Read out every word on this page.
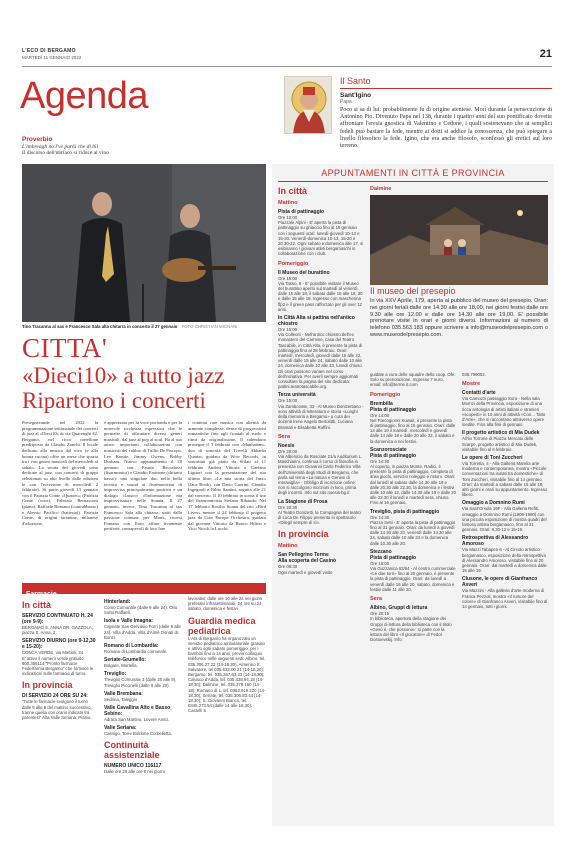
L'ECO DI BERGAMO
MARTEDÌ 11 GENNAIO 2022	21
Agenda
Proverbio
L'imbreagh no l'vè parlà che dl bìl
Il discorso dell'ubriaco si riduce al vino
Il Santo
Sant'Igino
Papa
Poco si sa di lui: probabilmente fu di origine ateniese. Morì durante la persecuzione di Antonino Pio. Divenuto Papa nel 138, durante i quattro anni del suo pontificato dovette affrontare l'eresia gnostica di Valentino e Cedone, i quali sostenevano che ai semplici fedeli può bastare la fede, mentre ai dotti si addice la conoscenza, che può spiegare a livello filosofico la fede. Igino, che era anche filosofo, sconfessò gli eretici sul loro terreno.
Tino Tracanna al sax e Francesco Sala alla chitarra in concerto il 27 gennaio FOTO CHRISTIAN MIGNANI
CITTA'
«Dieci10» a tutto jazz
Ripartono i concerti
Presegnavande nel 2022 la programmazione settimanale dei concerti di jazz al «Dieci10» di via Quarenghi 42, Bergamo, nel ricco cartellone predisposto da Claudio Zanchi. Il locale dedicato alla musica dal vivo (e alla buona cucina) offre un mese che spazia tra i vari generi musicali del mercoledì al sabato. La serata del giovedì sono dedicate al jazz, con concerti di gruppi selezionati su alto livello dalle edizioni le con l'eccezione di mercoledì 2 febbraio). Si parte giovedì 13 gennaio con il Patrizia Conte «Quartet», (Patrizia Conte (voce), Fabrizio Bernasconi (piano), Raffaele Romano (contrabbasso) e Alessio Pacifico (batteria)). Patrizia Conte, di origini tarantine, milanese d'adozione,
è apprezzata per la voce profonda e per la notevole ricchezza espressiva che le permette di affrontare diversi generi musicali, dal jazz al pop al soul. Ha al suo attivo importanti collaborazioni con musicisti del calibro di Tullio De Piscopo, Lee Konitz, Jimmy Owens, Bobby Durham. Nuovo appuntamento il 20 gennaio con Fausto Beccalossi (fisarmonica) e Claudio Farinone (chitarra basso): uno singolare duo nella bella tecnica e sound ai fisarmonicisti di improvvisa principalmente positiva e un dialogo classico d'informazione ma improvvisatore nelle Sonata. Il 27 gennaio, invece, Tino Tracanna al sax Francesco Sala alla chitarra, uniti dalla passione comune per Monk, ricorsi Fontana con Euro affine tivamente periferie, consapevoli di loro fare
i continui rare musica con alterità da armonie complesse, dense di progressioni romantiche fino agli frontali al ruolo e ritmi da originalissime. Il calendario prosegue il 3 febbraio con «Manhattan», duo di sonorità del Trivelli Abbadia Quartet, guidato da Wow Records, in sonoritati già piatti da Sfilati al 11 febbraio Andrea Vittoria e Gaetano Liguori con la presentazione del suo ultimo libro «La mia storia del Jazz» (Jaca Book), con Dario Guerini, Claudio Ingegnoli e Fabio Santini, seguita alle 21 dal concerto. Il 10 febbraio in scena il trio del fisarmonicista Stefano Ribaudo. Nel 17 febbraio Rosilio Soana del trio «Bird Lives» mentre il 24 febbraio il progetto jazz da Ciao Europe Orchestra, guidato dal giovane Vittorio da Ronco Hilton e Vico Nicoli la Lucchi.
Farmacie
In città
SERVIZIO CONTINUATO H. 24 (ore 9-9):
BERGAMO S. ANNA DR. GAZZOLA, piazza S. Anna, 2.
SERVIZIO DIURNO (ore 9-12,30 e 15-20):
CONCA VERDE, via Mattioli, 24.
E' attivo il numero verde gratuito 800.356114 "Pronto farmacie Federfarma Bergamo" che fornisce le indicazioni sulle farmacie di turno.
In provincia
DI SERVIZIO 24 ORE SU 24:
"Tutte le farmacie svolgono il turno dalle 9 alle 9 del mattino successivo, tranne quella con orario indicato tra parentesi" Alta Valle Seriana: Pianio.
Hinterland:
Como Comunale (dalle 9 alle 24). Orio Sotto Raffaeli.
Isola e Valle Imagna:
Capriate San Gervasio Porri (dalle 9 alle 24). Villa d'Adda. Villa d'Almè Donati dr. Bonzi.
Romano di Lombardia:
Romano di Lombardia comunale.
Seriate-Grumello:
Bolgare, Mortella.
Treviglio:
Treviglio Comunale 3 (dalle 20 alle 9), Treviglio Piccinelli (dalle 9 alle 20).
Valle Brembana:
Sedrina, Taleggio
Valle Cavallina Alto e Basso Sebino:
Adrara San Martino, Lovere Amici.
Valle Seriana:
Casnigo, Torre Boldone Corbelletta.
Continuità assistenziale
NUMERO UNICO 116117
Dalle ore 20 alle ore 8 nei giorni
lavorativi; dalle ore 10 alle 24 nei giorni prefestivi infrasettimanali, 24 ore su 24 sabato, domenica e festivi.
Guardia medica pediatrica
L'Ats di Bergamo ha organizzato un servizio pediatrico ambulatoriale gratuito e attivo ogni sabato pomeriggio, per i bambini fino a 14 anni, previo colloquio telefonico nelle seguenti sedi: Albino, tel. 035.306.27.22 (14-18,30), Almenno S. Salvatore, tel 035.632.00.21 (14-18,30); Bergamo, tel. 035.267.63.23 (14-18,30); Calusco d'Adda, tel. 035.438.94.18 (14-18,30); Dalmine, tel. 035.378.150 (14-18); Romano di L. tel. 0363.919.220 (14-18,30); Seriate, tel. 035.306.83.44 (14-18,30); S. Giovanni Bianco, tel. 0345.273.54 (dalle 14 alle 18,30). Castelli S
APPUNTAMENTI IN CITTÀ E PROVINCIA
In città
Mattino
Pista di pattinaggio
Ore 10:00
Piazzale Alpini - E' aperta la pista di pattinaggio su ghiaccio fino al 15 gennaio con i seguenti orari: lunedì-giovedì 10-13 e 15-20. Venerdì-domenica 10-13, 15-20 e 20.30-22. Ogni sabato e domenica alle 17, si esibiranno i giovani atleti bergamaschi in collaborazione con i club.
Pomeriggio
Il Museo del burattino
Ore 15:00
Via Tasso, 8 - E' possibile visitare il Museo del burattino aperto sul martedì al venerdì dalle 15 alle 18, il sabato dalle 15 alle 18, 30 e dalle 15 alle 18. Ingresso con mascherina ffp2 e il green pass rafforzato per gli over 12 anni.
In Città Alta si pattina nell'antico chiostro
Ore 15:00
Via Colleoni - Nell'antico chiostro dell'ex monastero del Carmine, casa del Teatro Tascabile, in Città Alta, è presente la pista di pattinaggio fino al 28 febbraio. Orari: martedì, mercoledì, giovedì dalle 15 alle 22, venerdì dalle 15 alle 24, sabato dalle 10 alle 24, domenica dalle 10 alle 23, lunedì chiuso. Gli orari possono variare nel corso dell'iniziativa. Per averli sempre aggiornati consultare la pagina del sito dedicata: pattini.teatrotascabile.org.
Terza università
Ore 15:00
Via Zambonate, 33 - Al Museo Donizettiano - sono attività di letteratura e storia «Luoghi della memoria a Bergamo» a cura dei docenti Irene Angelo Bertolotti, Luciana Bramati e Elisabetta Ruffini.
Sera
Noesis
Ore 20:00
Via Albenicio da Rosciate 21/a Auditorium L. Maschiarini, continua il corso di filosofia in presenza con Giovanni Carlo Federico Villa dell'Università degli Studi di Bergamo, che parla sul tema «La natura e Genesi di meraviglia» - Obbligo di iscrizione online: non si raccolgono iscrizioni in loco, prima degli incontri. Info sul sito noesis-bg.it
La Stagione di Prosa
Ore 20:30
Al Teatro Donizetti, la Compagnia del teatro di Luca De Filippo presenta lo spettacolo «Dilegil sempre di sì».
In provincia
Mattino
San Pellegrino Terme
Alla scoperta del Casinò
Ore 09:30
Ogni martedì e giovedì visite
Dalmine
Il museo del presepio
In via XXV Aprile, 179, aperta al pubblico del museo del presepio. Orari: nei giorni feriali dalle ore 14.30 alle ore 18,00, nei giorni festivi dalle ore 9.30 alle ore 12.00 e dalle ore 14.30 alle ore 19,00. E' possibile prenotare visite in orari e giorni diversi. Informazioni al numero di telefono 035.563.183 oppure scrivere a info@museodelpresepio.com o www.museodelpresepio.com.
guidate a cura delle squadre della coop. Ofe: Solo su prenotazione. Ingresso 7 euro, email: info@terme.it.com
Pomeriggio
Brembilla
Pista di pattinaggio
Ore 14:00
Nel Parcogionni Kuwait, è presente la pista di pattinaggio, fino al 15 gennaio. Orari: dalle 14 alle 19 il martedì, mercoledì e giovedì dalle 14 alle 18 e dalle 20 alle 22, il sabato e la domenica e nei festivi.
Scanzorosciate
Pista di pattinaggio
Ore 14:30
Al coperto, in piazza Monte, Radici, è presente la pista di pattinaggio, completa di area giochi, servizio noleggio e ristoro. Orari: dal lunedì al sabato dalle 14,30 alle 19 e dalle 20.30 alle 22.30, la domenica e i festivi dalle 10 alle 12, dalle 14.30 alle 19 e dalle 20 alle 22.30 il lunedì e martedì sera, chiuso. Fino al 16 gennaio.
Treviglio, pista di pattinaggio
Ore 14:30
Piazza Setti - E' aperta la pista di pattinaggio fino al 31 gennaio. Orari: da lunedì a giovedì dalle 14.30 alle 20, venerdì dalle 14.30 alle 24, sabato dalle 10 alle 24 e la domenica dalle 10.30 alle 20.
Stezzano
Pista di pattinaggio
Ore 16:00
Via Guzzanica 62/64 - Al centro commerciale «Le due torri» fino al 20 gennaio, è presente la pista di pattinaggio. Orari: da lunedì a venerdì dalle 16 alle 20, sabato, domenica e festivi dalle 11 alle 20.
Sera
Albino, Gruppi di lettura
Ore 20:15
In biblioteca, apertura della stagione dei Gruppi di lettura della biblioteca con il titolo «Gesù è, che possono»: si parte con la lettura del libro «Il giocatore» di Fedor Dostoevskij. Info:
035.799002.
Mostre
Contatti d'arte
Via Camozzi passaggio Sora - Nella sala Mornzi della Provincia, esposizione di una ricca antologia di artisti italiani e stranieri «scoperti» in 15 anni di attività «Con... Tatto d'Arte», che si raccontano attraverso opere inedite. Fino alla fine di gennaio.
Il progetto artistico di Mia Dudek
All'ex Torrone di Piazza Mercato delle Scarpe, progetto artistico di Mia Dudek, visitabile fino al 6 febbraio.
Le opere di Toni Zuccheri
Via Torretta, 4 - Alla Galleria Marelia arte moderna e contemporanea, mostra «Piccole conversazioni tra isolati tra domestiche» di Toni Zuccheri, visitabile fino al 14 gennaio. Orari: da martedì a sabato dalle 15 alle 19, altri giorni e orari su appuntamento. Ingresso libero.
Omaggio a Domnino Rumi
Via Sant'Orsola 19F - Alla Galleria Refiti, omaggio a Domnino Rumi (1906-1980) con una piccola esposizione di mostra quadri del famoso artista bergamasco, fino al 31 gennaio. Orari: 9,30-12 e 15-19.
Retrospettiva di Alessandro Amoroso
Via Mazzi Tabapen 6 - Al Circolo artistico bergamasco, esposizione della retrospettiva di Alessandro Amoroso, visitabile fino al 20 gennaio. Orari: dal martedì a domenica dalle 16 alle 19.
Clusone, le opere di Gianfranco Asveri
Via Mazzini - Alla galleria d'arte moderna di Franca Pezzoli, mostra «Il rumore del colore» di Gianfranco Asveri, visitabile fino al 14 gennaio, tutti i giorni.
